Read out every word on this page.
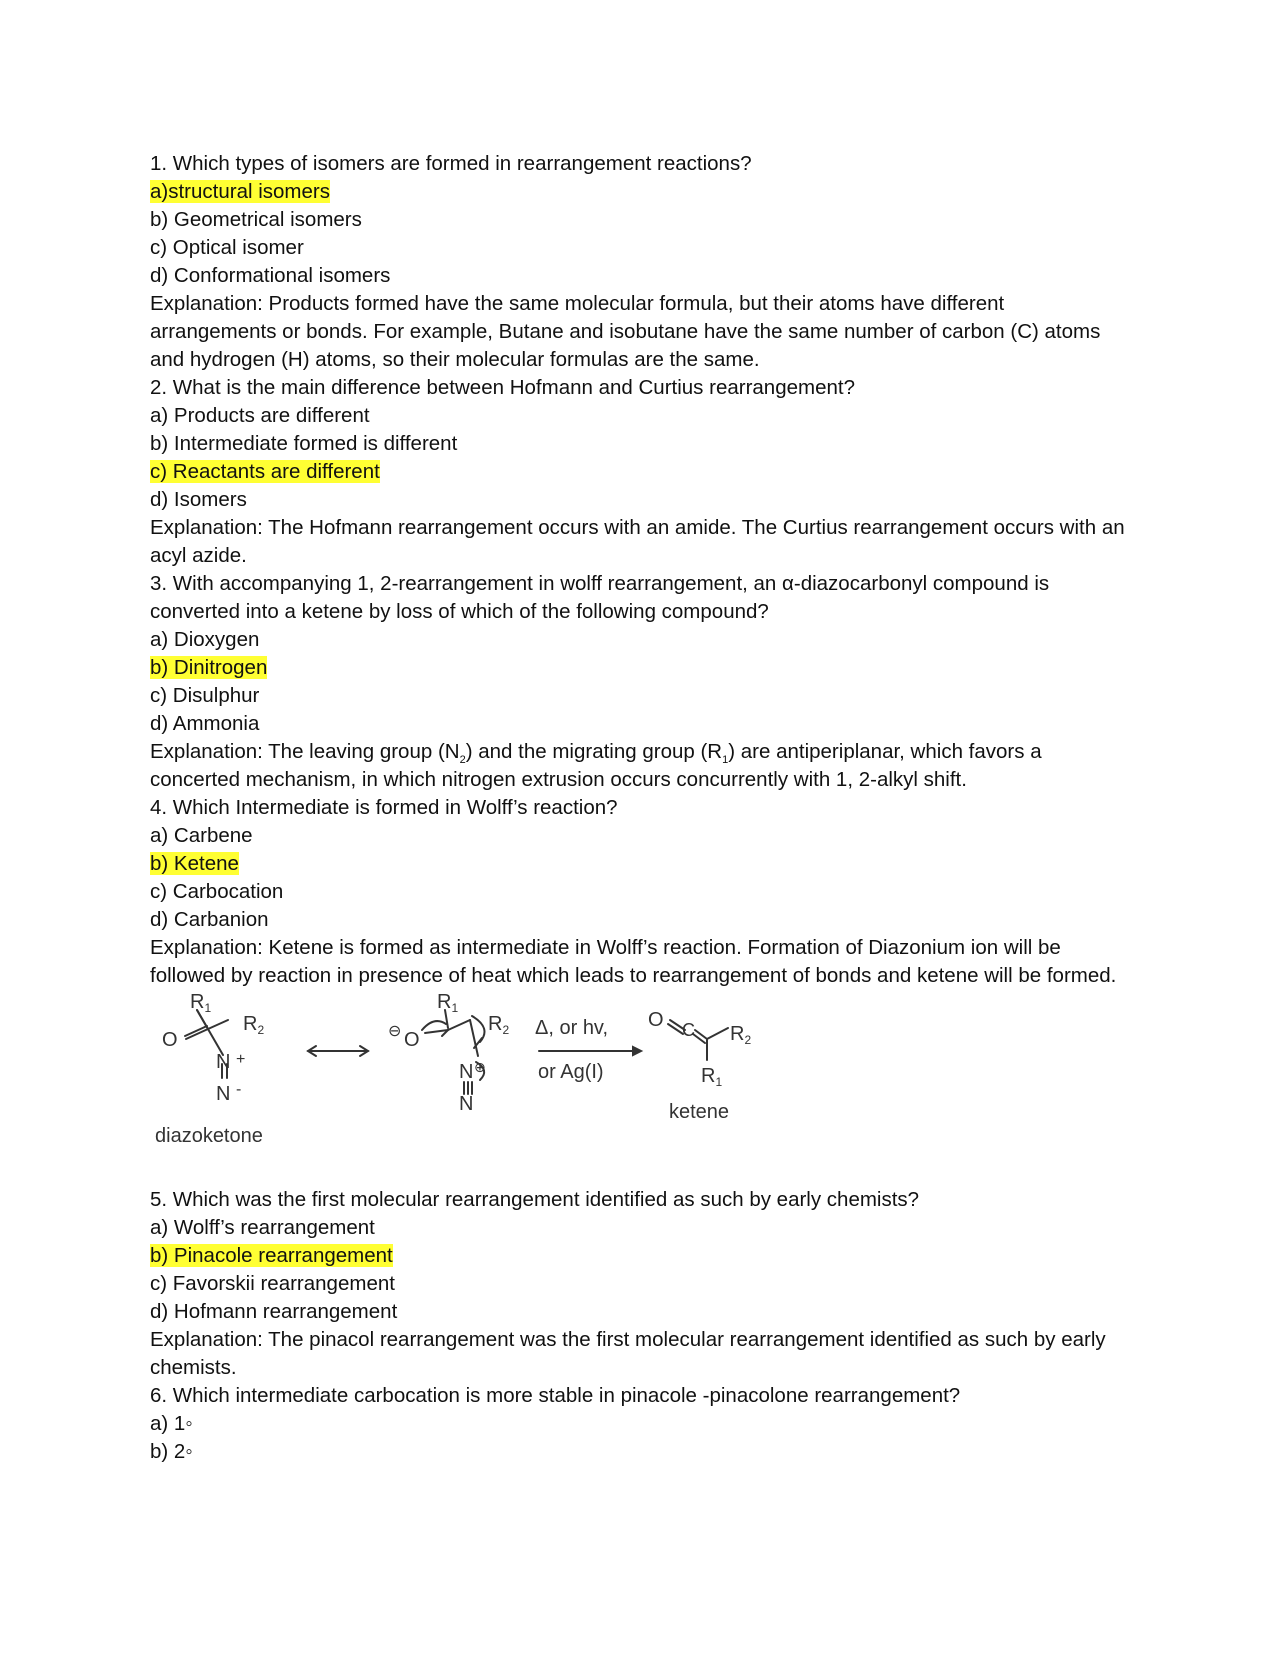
1. Which types of isomers are formed in rearrangement reactions?
a)structural isomers
b) Geometrical isomers
c) Optical isomer
d) Conformational isomers
Explanation: Products formed have the same molecular formula, but their atoms have different arrangements or bonds. For example, Butane and isobutane have the same number of carbon (C) atoms and hydrogen (H) atoms, so their molecular formulas are the same.
2. What is the main difference between Hofmann and Curtius rearrangement?
a) Products are different
b) Intermediate formed is different
c) Reactants are different
d) Isomers
Explanation: The Hofmann rearrangement occurs with an amide. The Curtius rearrangement occurs with an acyl azide.
3. With accompanying 1, 2-rearrangement in wolff rearrangement, an α-diazocarbonyl compound is converted into a ketene by loss of which of the following compound?
a) Dioxygen
b) Dinitrogen
c) Disulphur
d) Ammonia
Explanation: The leaving group $(N_2)$ and the migrating group $(R_1)$ are antiperiplanar, which favors a concerted mechanism, in which nitrogen extrusion occurs concurrently with 1, 2-alkyl shift.
4. Which Intermediate is formed in Wolff’s reaction?
a) Carbene
b) Ketene
c) Carbocation
d) Carbanion
Explanation: Ketene is formed as intermediate in Wolff’s reaction. Formation of Diazonium ion will be followed by reaction in presence of heat which leads to rearrangement of bonds and ketene will be formed.
$R_1$
$R_2$
O
N +
N -
diazoketone
$R_1$
$R_2$
⊖ O
N ⊕
N
Δ, or hv,
or Ag(I)
O C $R_2$
$R_1$
ketene
5. Which was the first molecular rearrangement identified as such by early chemists?
a) Wolff’s rearrangement
b) Pinacole rearrangement
c) Favorskii rearrangement
d) Hofmann rearrangement
Explanation: The pinacol rearrangement was the first molecular rearrangement identified as such by early chemists.
6. Which intermediate carbocation is more stable in pinacole -pinacolone rearrangement?
a) 1◦
b) 2◦
